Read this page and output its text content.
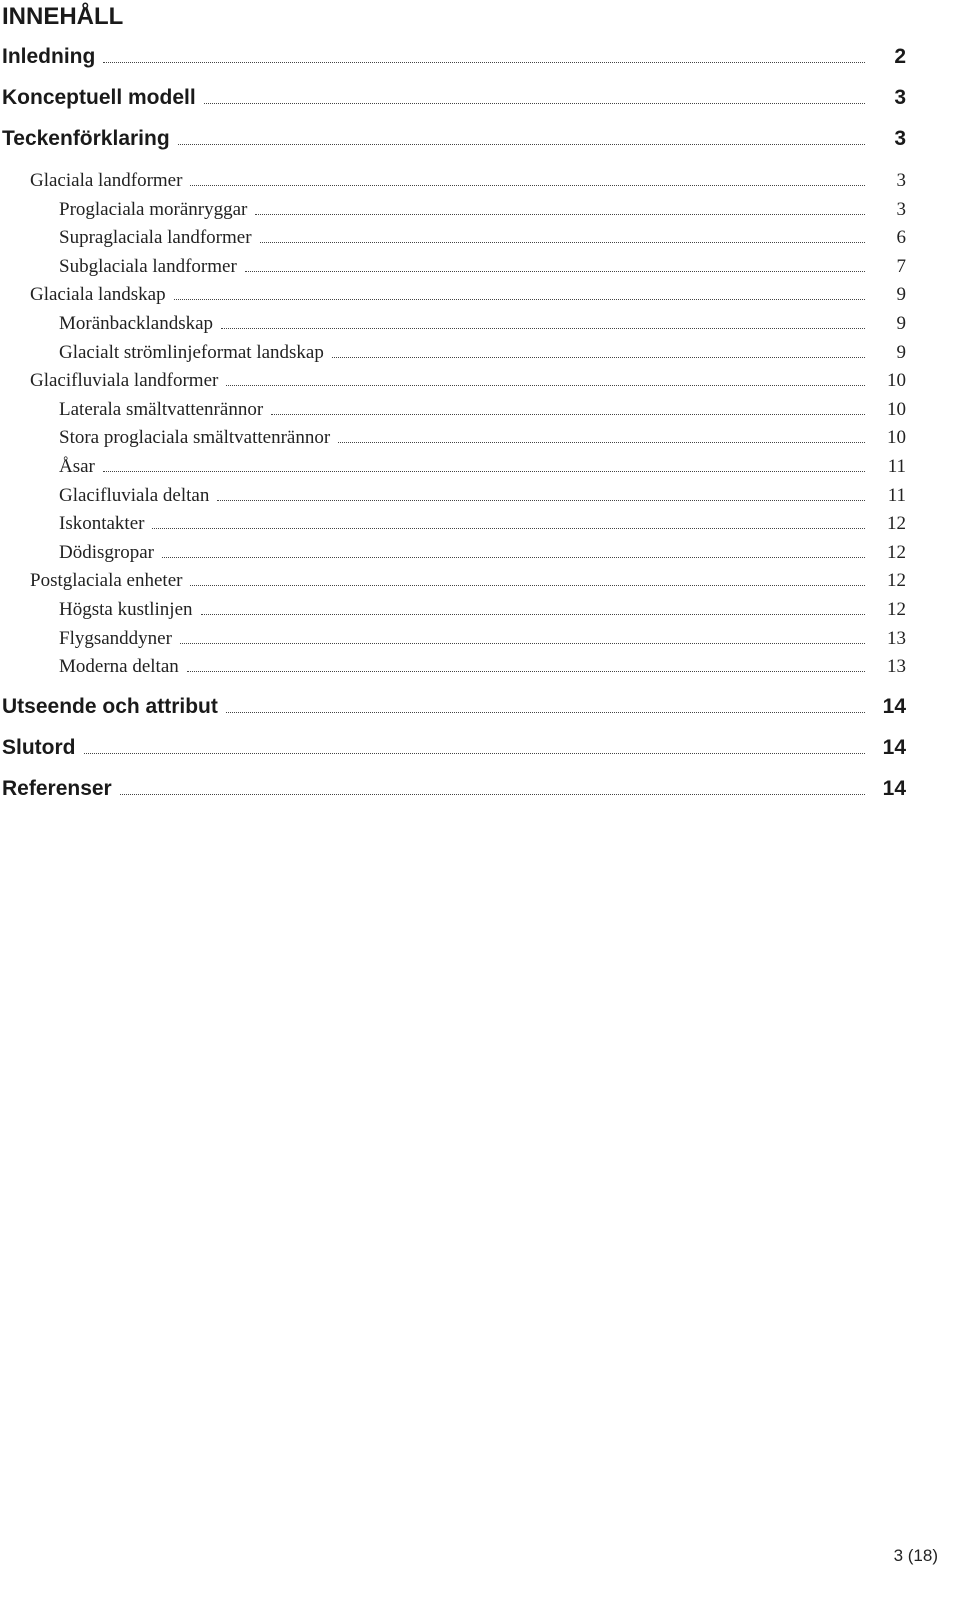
INNEHÅLL
Inledning	2
Konceptuell modell	3
Teckenförklaring	3
Glaciala landformer	3
Proglaciala moränryggar	3
Supraglaciala landformer	6
Subglaciala landformer	7
Glaciala landskap	9
Moränbacklandskap	9
Glacialt strömlinjeformat landskap	9
Glacifluviala landformer	10
Laterala smältvattenrännor	10
Stora proglaciala smältvattenrännor	10
Åsar	11
Glacifluviala deltan	11
Iskontakter	12
Dödisgropar	12
Postglaciala enheter	12
Högsta kustlinjen	12
Flygsanddyner	13
Moderna deltan	13
Utseende och attribut	14
Slutord	14
Referenser	14
3 (18)
